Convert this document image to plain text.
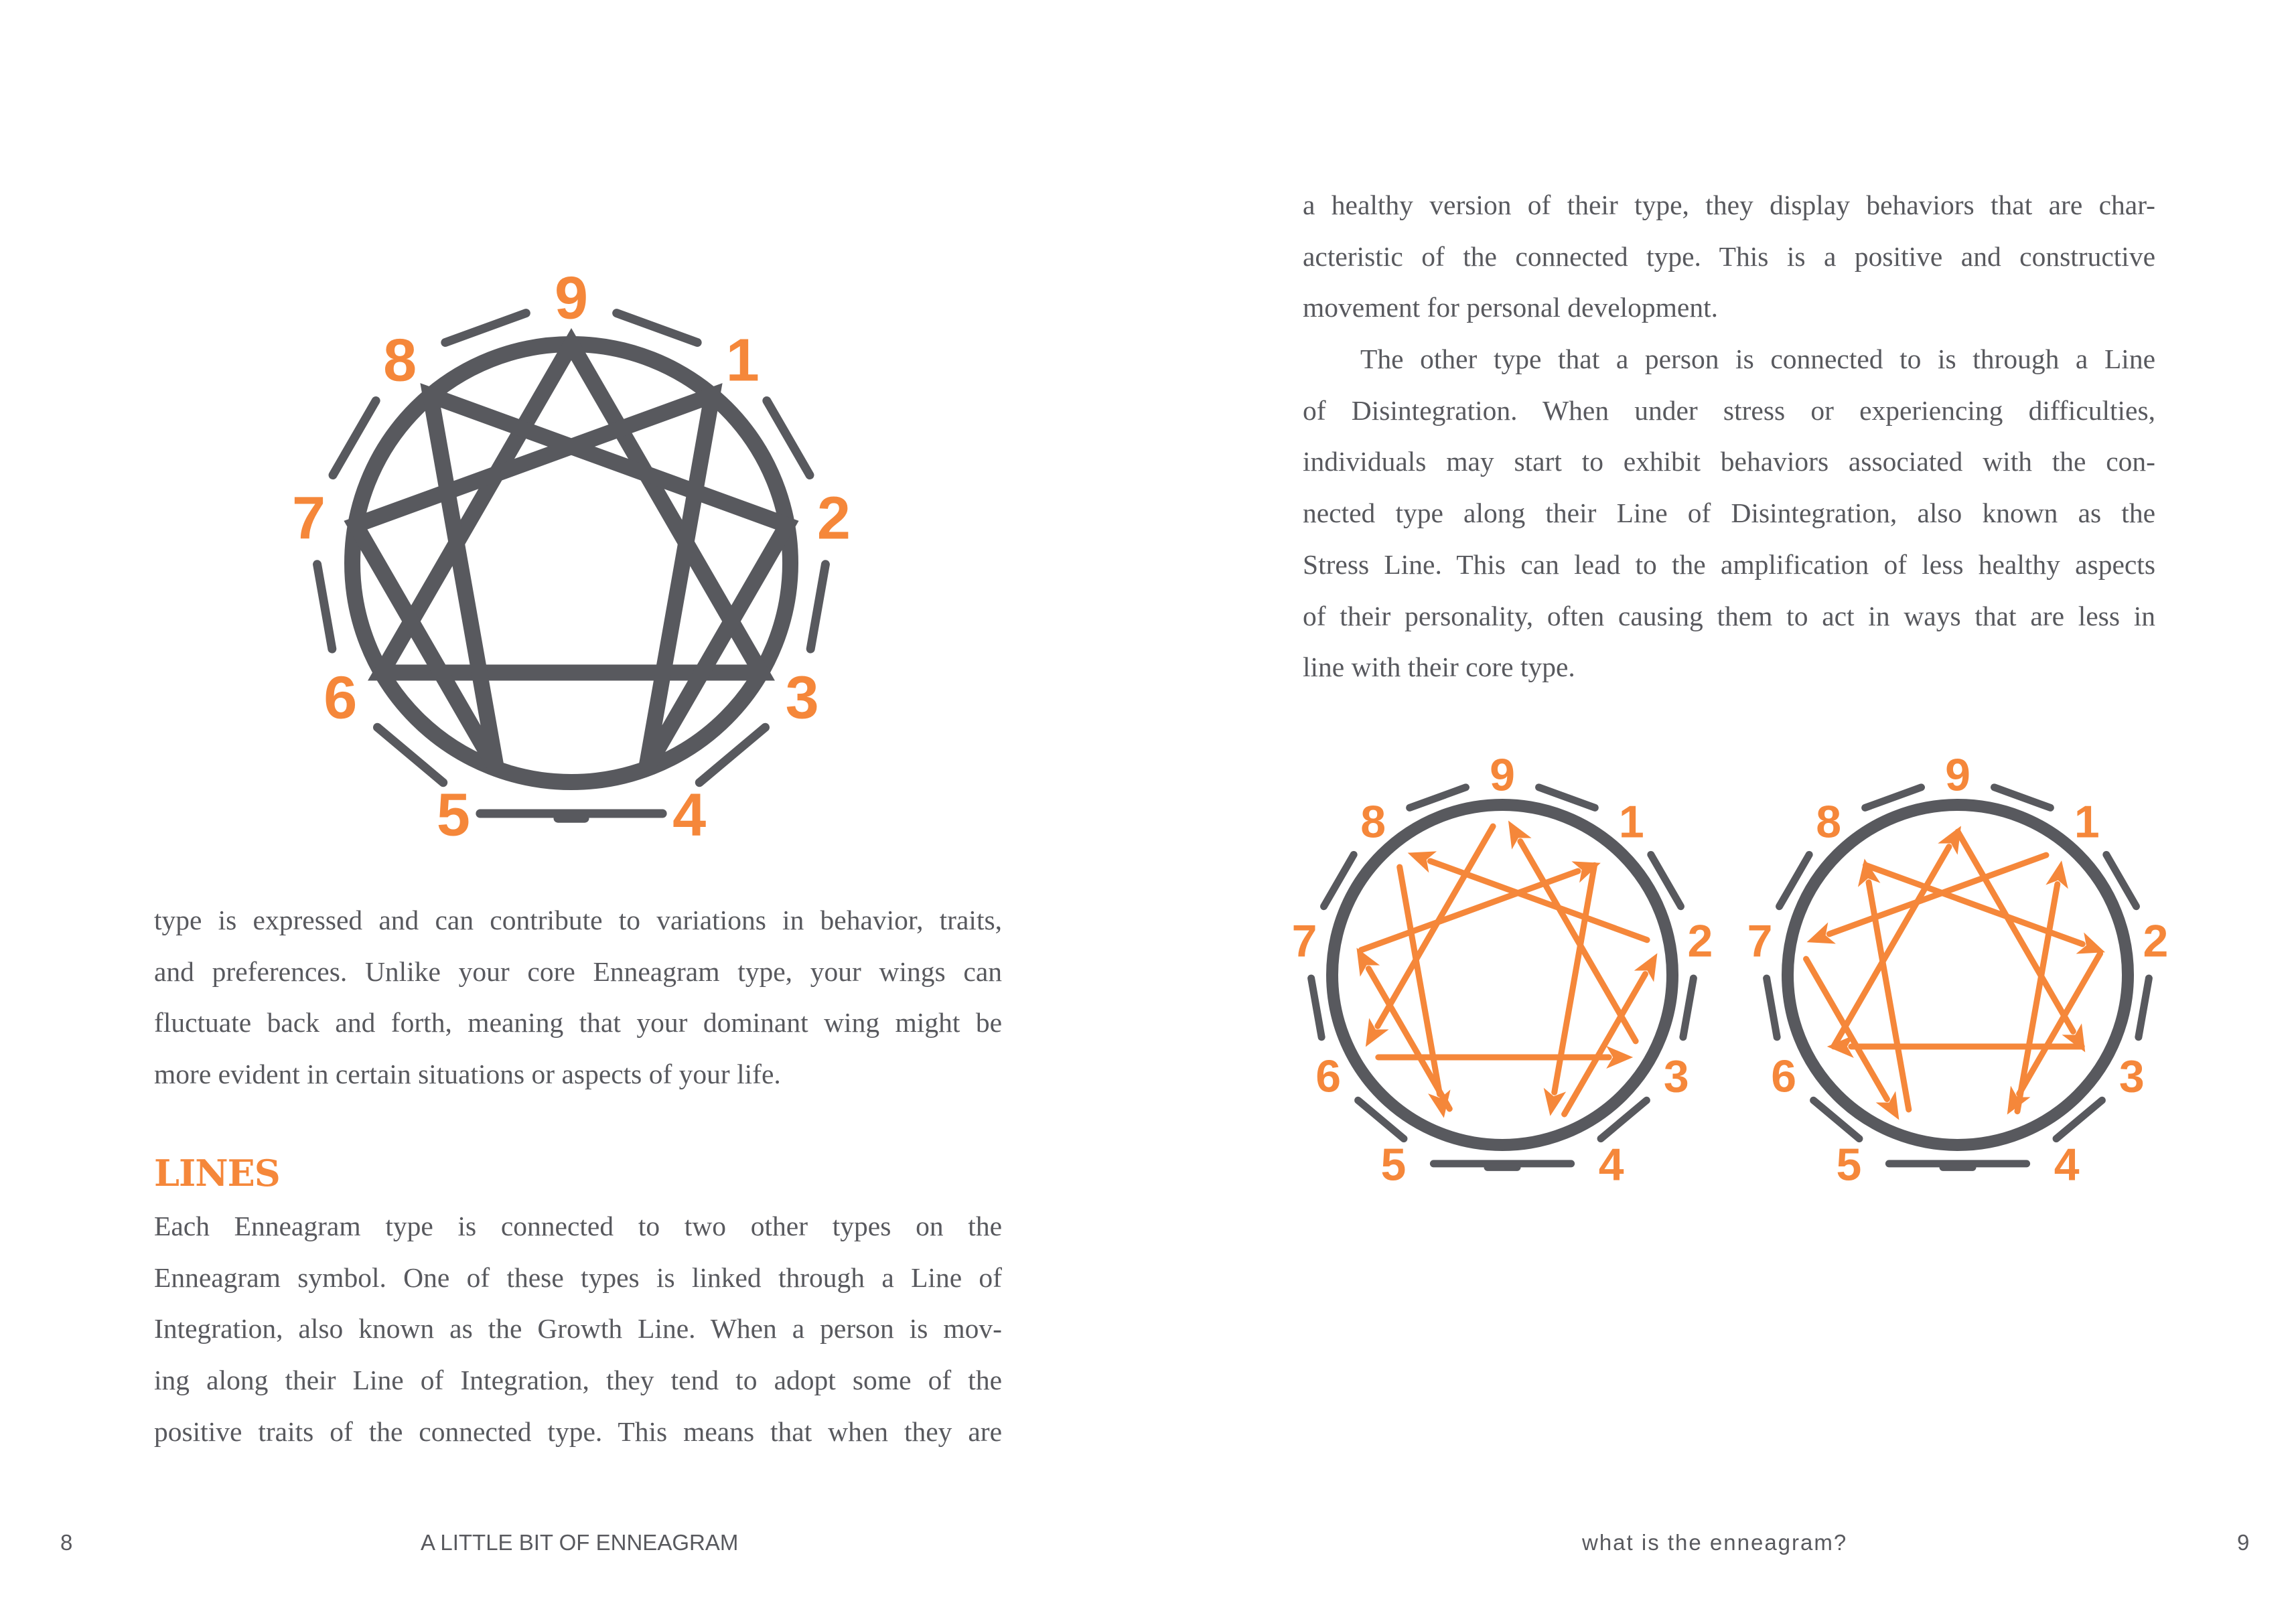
9
1
2
3
4
5
6
7
8
type is expressed and can contribute to variations in behavior, traits,
and preferences. Unlike your core Enneagram type, your wings can
fluctuate back and forth, meaning that your dominant wing might be
more evident in certain situations or aspects of your life.
LINES
Each Enneagram type is connected to two other types on the
Enneagram symbol. One of these types is linked through a Line of
Integration, also known as the Growth Line. When a person is mov-
ing along their Line of Integration, they tend to adopt some of the
positive traits of the connected type. This means that when they are
8	A LITTLE BIT OF ENNEAGRAM
a healthy version of their type, they display behaviors that are char-
acteristic of the connected type. This is a positive and constructive
movement for personal development.
The other type that a person is connected to is through a Line
of Disintegration. When under stress or experiencing difficulties,
individuals may start to exhibit behaviors associated with the con-
nected type along their Line of Disintegration, also known as the
Stress Line. This can lead to the amplification of less healthy aspects
of their personality, often causing them to act in ways that are less in
line with their core type.
9
1
2
3
4
5
6
7
8
9
1
2
3
4
5
6
7
8
what is the enneagram?	9
